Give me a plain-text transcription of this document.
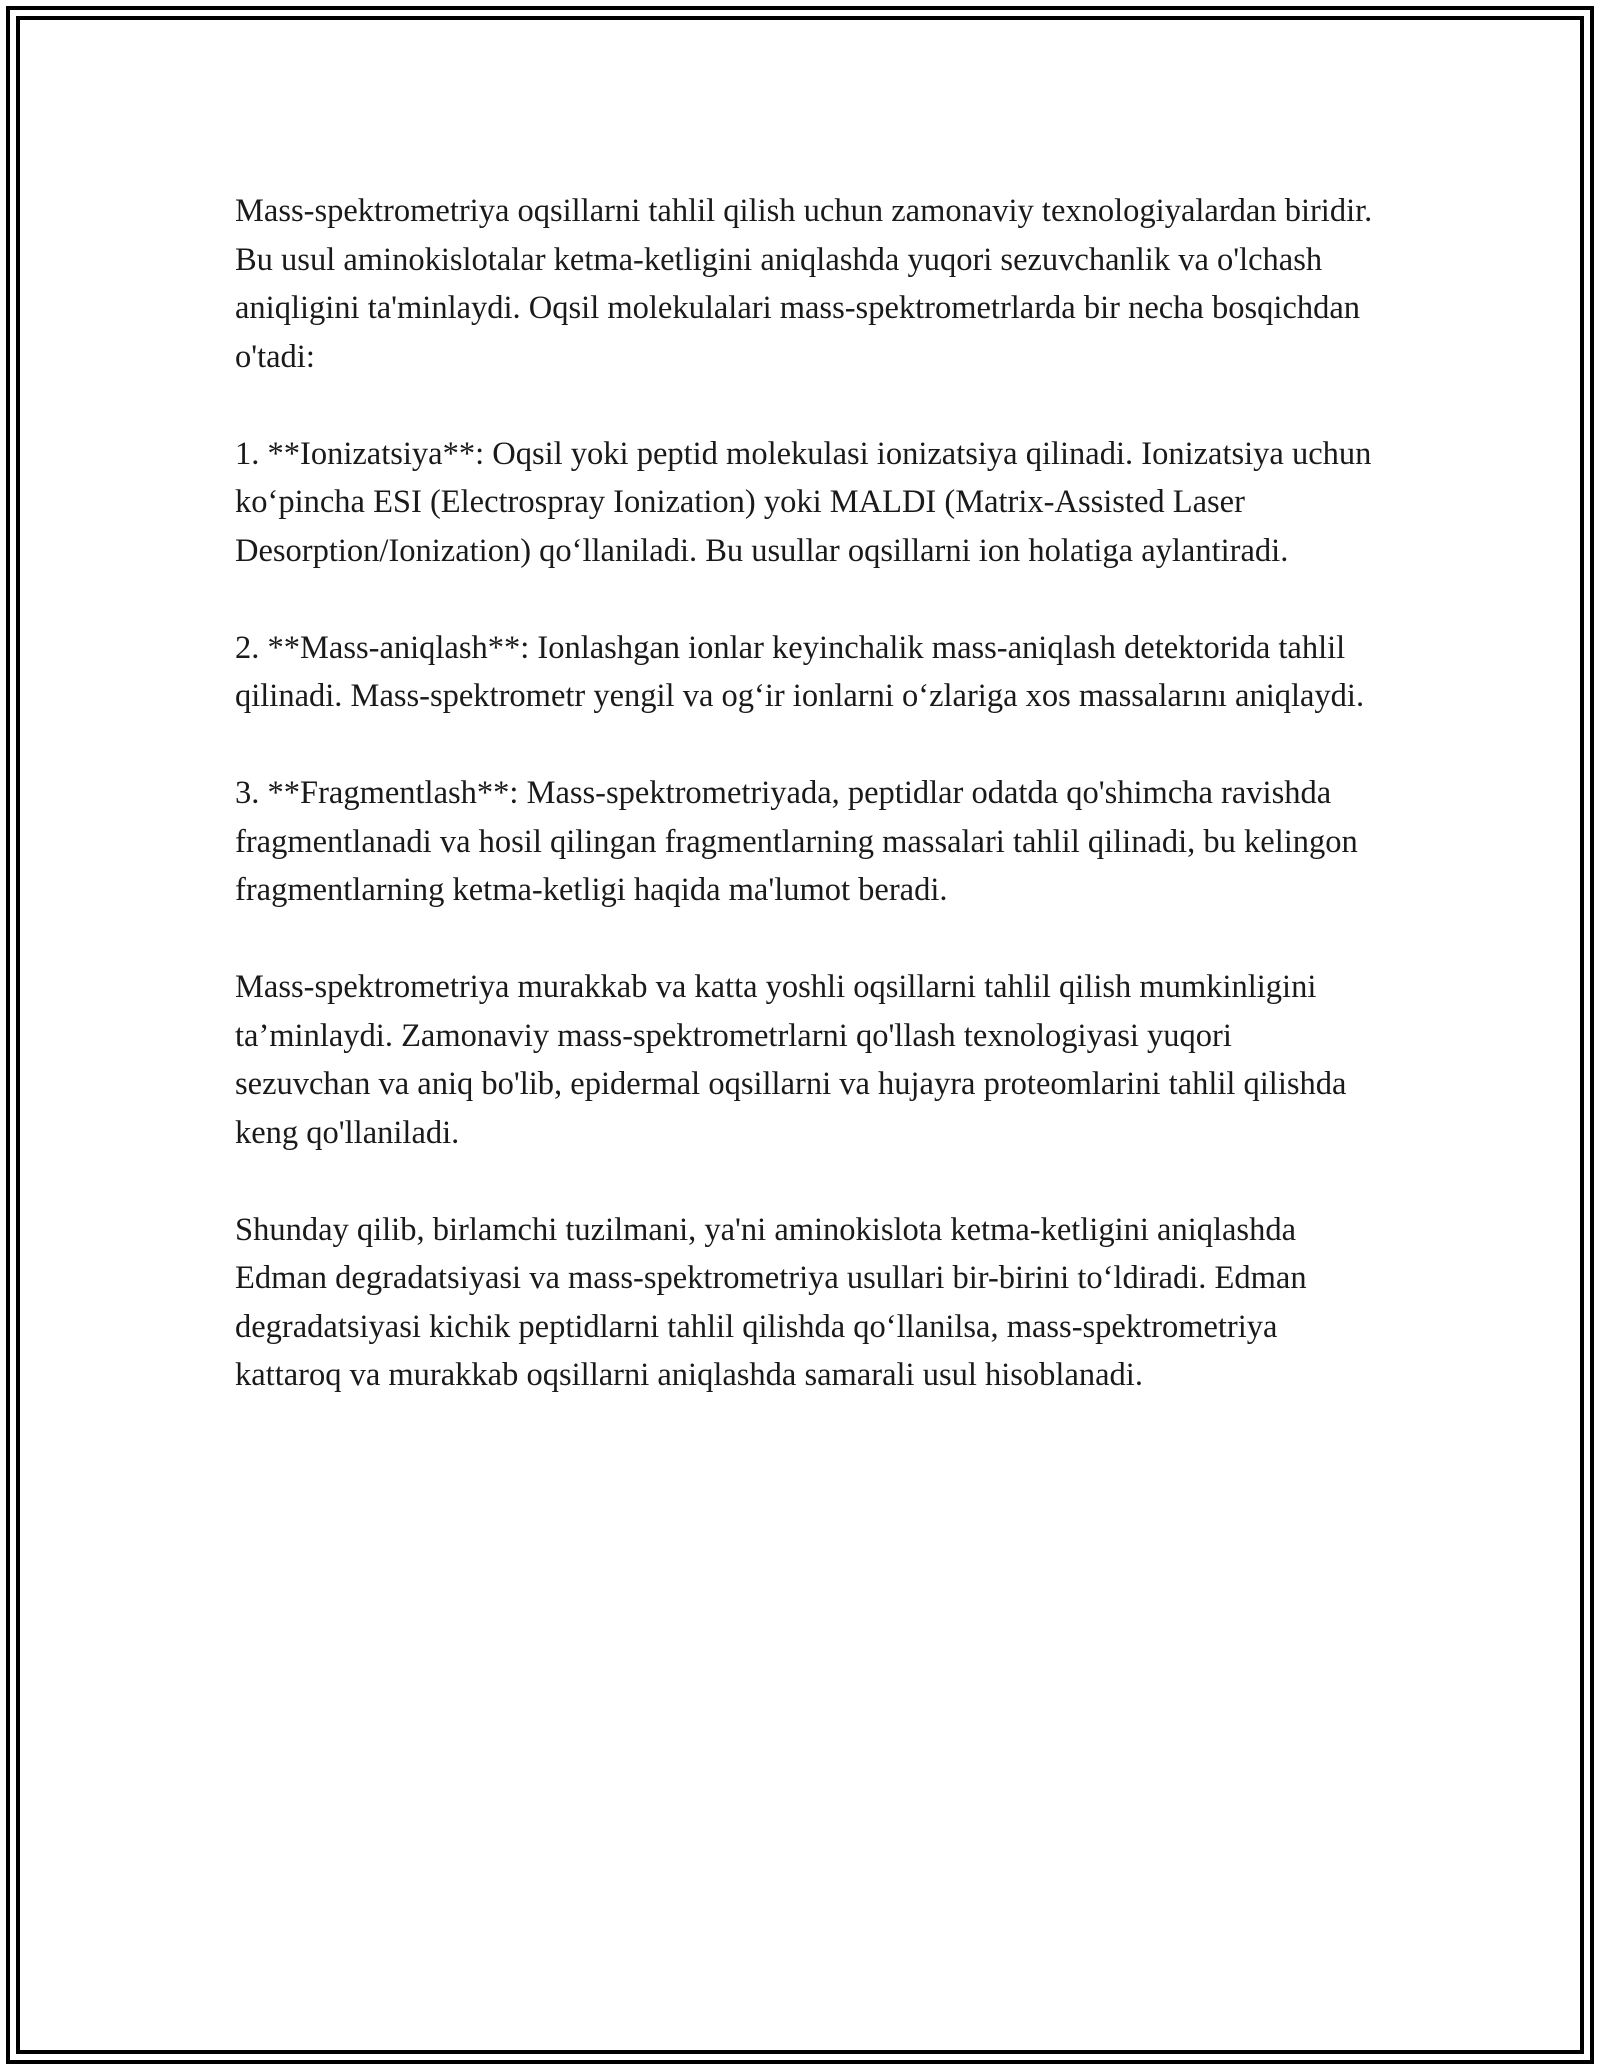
Mass-spektrometriya oqsillarni tahlil qilish uchun zamonaviy texnologiyalardan biridir. Bu usul aminokislotalar ketma-ketligini aniqlashda yuqori sezuvchanlik va o'lchash aniqligini ta'minlaydi. Oqsil molekulalari mass-spektrometrlarda bir necha bosqichdan o'tadi:

1. **Ionizatsiya**: Oqsil yoki peptid molekulasi ionizatsiya qilinadi. Ionizatsiya uchun ko‘pincha ESI (Electrospray Ionization) yoki MALDI (Matrix-Assisted Laser Desorption/Ionization) qo‘llaniladi. Bu usullar oqsillarni ion holatiga aylantiradi.

2. **Mass-aniqlash**: Ionlashgan ionlar keyinchalik mass-aniqlash detektorida tahlil qilinadi. Mass-spektrometr yengil va og‘ir ionlarni o‘zlariga xos massalarını aniqlaydi.

3. **Fragmentlash**: Mass-spektrometriyada, peptidlar odatda qo'shimcha ravishda fragmentlanadi va hosil qilingan fragmentlarning massalari tahlil qilinadi, bu kelingon fragmentlarning ketma-ketligi haqida ma'lumot beradi.

Mass-spektrometriya murakkab va katta yoshli oqsillarni tahlil qilish mumkinligini ta’minlaydi. Zamonaviy mass-spektrometrlarni qo'llash texnologiyasi yuqori sezuvchan va aniq bo'lib, epidermal oqsillarni va hujayra proteomlarini tahlil qilishda keng qo'llaniladi.

Shunday qilib, birlamchi tuzilmani, ya'ni aminokislota ketma-ketligini aniqlashda Edman degradatsiyasi va mass-spektrometriya usullari bir-birini to‘ldiradi. Edman degradatsiyasi kichik peptidlarni tahlil qilishda qo‘llanilsa, mass-spektrometriya kattaroq va murakkab oqsillarni aniqlashda samarali usul hisoblanadi.
